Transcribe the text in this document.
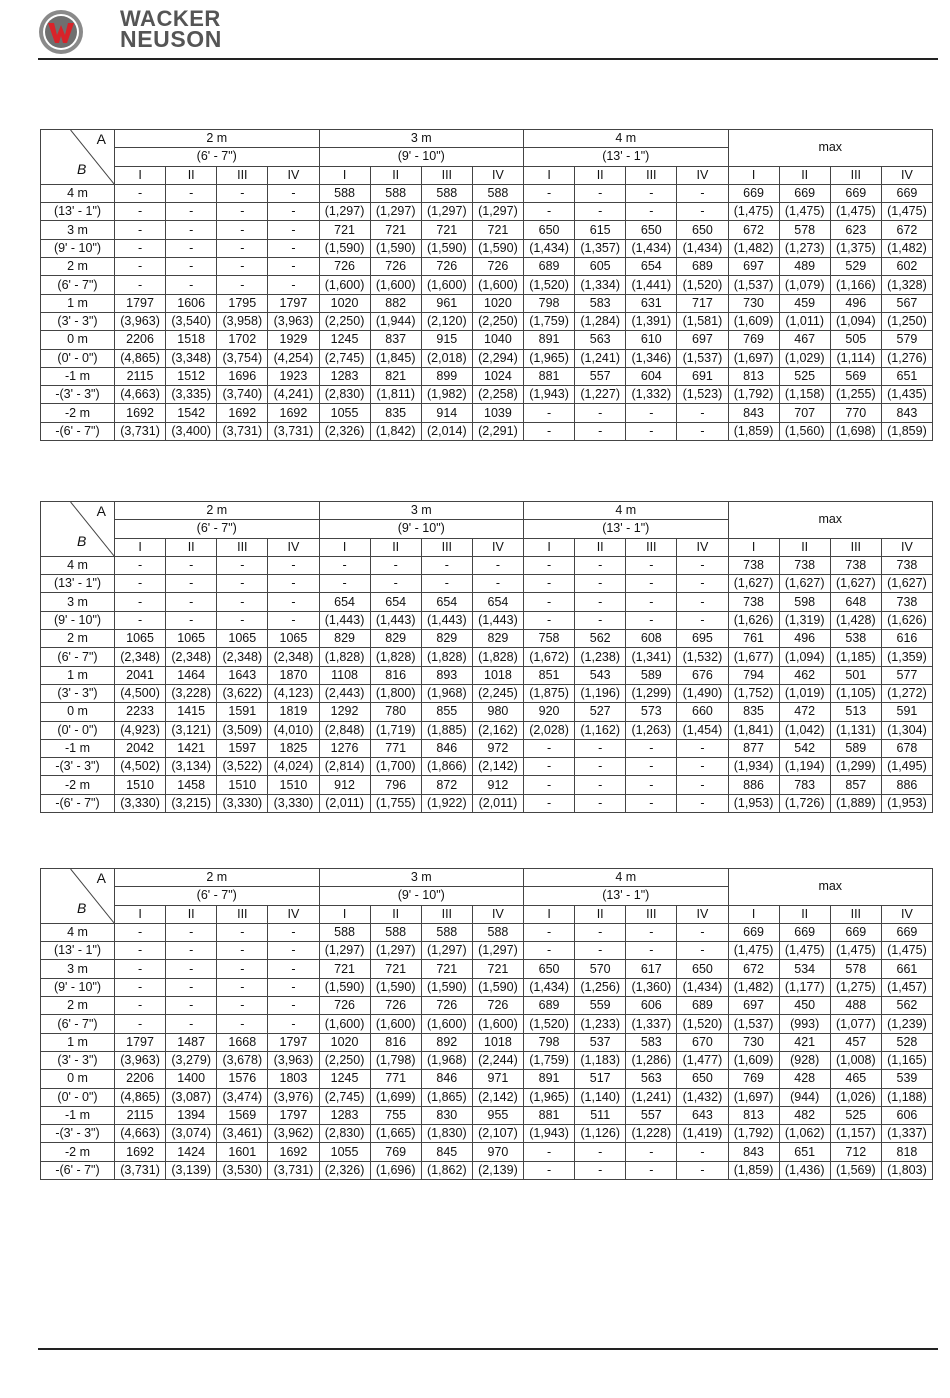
WACKER
NEUSON
A
B	2 m				3 m				4 m				max			
	(6' - 7")				(9' - 10")				(13' - 1")							
	I	II	III	IV	I	II	III	IV	I	II	III	IV	I	II	III	IV
4 m	-	-	-	-	588	588	588	588	-	-	-	-	669	669	669	669
(13' - 1")	-	-	-	-	(1,297)	(1,297)	(1,297)	(1,297)	-	-	-	-	(1,475)	(1,475)	(1,475)	(1,475)
3 m	-	-	-	-	721	721	721	721	650	615	650	650	672	578	623	672
(9' - 10")	-	-	-	-	(1,590)	(1,590)	(1,590)	(1,590)	(1,434)	(1,357)	(1,434)	(1,434)	(1,482)	(1,273)	(1,375)	(1,482)
2 m	-	-	-	-	726	726	726	726	689	605	654	689	697	489	529	602
(6' - 7")	-	-	-	-	(1,600)	(1,600)	(1,600)	(1,600)	(1,520)	(1,334)	(1,441)	(1,520)	(1,537)	(1,079)	(1,166)	(1,328)
1 m	1797	1606	1795	1797	1020	882	961	1020	798	583	631	717	730	459	496	567
(3' - 3")	(3,963)	(3,540)	(3,958)	(3,963)	(2,250)	(1,944)	(2,120)	(2,250)	(1,759)	(1,284)	(1,391)	(1,581)	(1,609)	(1,011)	(1,094)	(1,250)
0 m	2206	1518	1702	1929	1245	837	915	1040	891	563	610	697	769	467	505	579
(0' - 0")	(4,865)	(3,348)	(3,754)	(4,254)	(2,745)	(1,845)	(2,018)	(2,294)	(1,965)	(1,241)	(1,346)	(1,537)	(1,697)	(1,029)	(1,114)	(1,276)
-1 m	2115	1512	1696	1923	1283	821	899	1024	881	557	604	691	813	525	569	651
-(3' - 3")	(4,663)	(3,335)	(3,740)	(4,241)	(2,830)	(1,811)	(1,982)	(2,258)	(1,943)	(1,227)	(1,332)	(1,523)	(1,792)	(1,158)	(1,255)	(1,435)
-2 m	1692	1542	1692	1692	1055	835	914	1039	-	-	-	-	843	707	770	843
-(6' - 7")	(3,731)	(3,400)	(3,731)	(3,731)	(2,326)	(1,842)	(2,014)	(2,291)	-	-	-	-	(1,859)	(1,560)	(1,698)	(1,859)
A
B	2 m				3 m				4 m				max			
	(6' - 7")				(9' - 10")				(13' - 1")							
	I	II	III	IV	I	II	III	IV	I	II	III	IV	I	II	III	IV
4 m	-	-	-	-	-	-	-	-	-	-	-	-	738	738	738	738
(13' - 1")	-	-	-	-	-	-	-	-	-	-	-	-	(1,627)	(1,627)	(1,627)	(1,627)
3 m	-	-	-	-	654	654	654	654	-	-	-	-	738	598	648	738
(9' - 10")	-	-	-	-	(1,443)	(1,443)	(1,443)	(1,443)	-	-	-	-	(1,626)	(1,319)	(1,428)	(1,626)
2 m	1065	1065	1065	1065	829	829	829	829	758	562	608	695	761	496	538	616
(6' - 7")	(2,348)	(2,348)	(2,348)	(2,348)	(1,828)	(1,828)	(1,828)	(1,828)	(1,672)	(1,238)	(1,341)	(1,532)	(1,677)	(1,094)	(1,185)	(1,359)
1 m	2041	1464	1643	1870	1108	816	893	1018	851	543	589	676	794	462	501	577
(3' - 3")	(4,500)	(3,228)	(3,622)	(4,123)	(2,443)	(1,800)	(1,968)	(2,245)	(1,875)	(1,196)	(1,299)	(1,490)	(1,752)	(1,019)	(1,105)	(1,272)
0 m	2233	1415	1591	1819	1292	780	855	980	920	527	573	660	835	472	513	591
(0' - 0")	(4,923)	(3,121)	(3,509)	(4,010)	(2,848)	(1,719)	(1,885)	(2,162)	(2,028)	(1,162)	(1,263)	(1,454)	(1,841)	(1,042)	(1,131)	(1,304)
-1 m	2042	1421	1597	1825	1276	771	846	972	-	-	-	-	877	542	589	678
-(3' - 3")	(4,502)	(3,134)	(3,522)	(4,024)	(2,814)	(1,700)	(1,866)	(2,142)	-	-	-	-	(1,934)	(1,194)	(1,299)	(1,495)
-2 m	1510	1458	1510	1510	912	796	872	912	-	-	-	-	886	783	857	886
-(6' - 7")	(3,330)	(3,215)	(3,330)	(3,330)	(2,011)	(1,755)	(1,922)	(2,011)	-	-	-	-	(1,953)	(1,726)	(1,889)	(1,953)
A
B	2 m				3 m				4 m				max			
	(6' - 7")				(9' - 10")				(13' - 1")							
	I	II	III	IV	I	II	III	IV	I	II	III	IV	I	II	III	IV
4 m	-	-	-	-	588	588	588	588	-	-	-	-	669	669	669	669
(13' - 1")	-	-	-	-	(1,297)	(1,297)	(1,297)	(1,297)	-	-	-	-	(1,475)	(1,475)	(1,475)	(1,475)
3 m	-	-	-	-	721	721	721	721	650	570	617	650	672	534	578	661
(9' - 10")	-	-	-	-	(1,590)	(1,590)	(1,590)	(1,590)	(1,434)	(1,256)	(1,360)	(1,434)	(1,482)	(1,177)	(1,275)	(1,457)
2 m	-	-	-	-	726	726	726	726	689	559	606	689	697	450	488	562
(6' - 7")	-	-	-	-	(1,600)	(1,600)	(1,600)	(1,600)	(1,520)	(1,233)	(1,337)	(1,520)	(1,537)	(993)	(1,077)	(1,239)
1 m	1797	1487	1668	1797	1020	816	892	1018	798	537	583	670	730	421	457	528
(3' - 3")	(3,963)	(3,279)	(3,678)	(3,963)	(2,250)	(1,798)	(1,968)	(2,244)	(1,759)	(1,183)	(1,286)	(1,477)	(1,609)	(928)	(1,008)	(1,165)
0 m	2206	1400	1576	1803	1245	771	846	971	891	517	563	650	769	428	465	539
(0' - 0")	(4,865)	(3,087)	(3,474)	(3,976)	(2,745)	(1,699)	(1,865)	(2,142)	(1,965)	(1,140)	(1,241)	(1,432)	(1,697)	(944)	(1,026)	(1,188)
-1 m	2115	1394	1569	1797	1283	755	830	955	881	511	557	643	813	482	525	606
-(3' - 3")	(4,663)	(3,074)	(3,461)	(3,962)	(2,830)	(1,665)	(1,830)	(2,107)	(1,943)	(1,126)	(1,228)	(1,419)	(1,792)	(1,062)	(1,157)	(1,337)
-2 m	1692	1424	1601	1692	1055	769	845	970	-	-	-	-	843	651	712	818
-(6' - 7")	(3,731)	(3,139)	(3,530)	(3,731)	(2,326)	(1,696)	(1,862)	(2,139)	-	-	-	-	(1,859)	(1,436)	(1,569)	(1,803)
